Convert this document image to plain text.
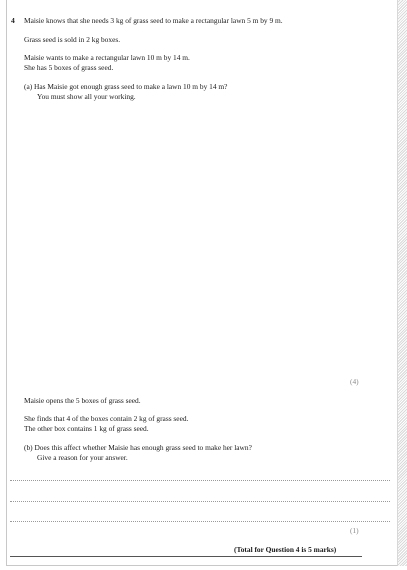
4 Maisie knows that she needs 3 kg of grass seed to make a rectangular lawn 5 m by 9 m.
Grass seed is sold in 2 kg boxes.
Maisie wants to make a rectangular lawn 10 m by 14 m.
She has 5 boxes of grass seed.
(a) Has Maisie got enough grass seed to make a lawn 10 m by 14 m?
You must show all your working.
(4)
Maisie opens the 5 boxes of grass seed.
She finds that 4 of the boxes contain 2 kg of grass seed.
The other box contains 1 kg of grass seed.
(b) Does this affect whether Maisie has enough grass seed to make her lawn?
Give a reason for your answer.
(1)
(Total for Question 4 is 5 marks)
